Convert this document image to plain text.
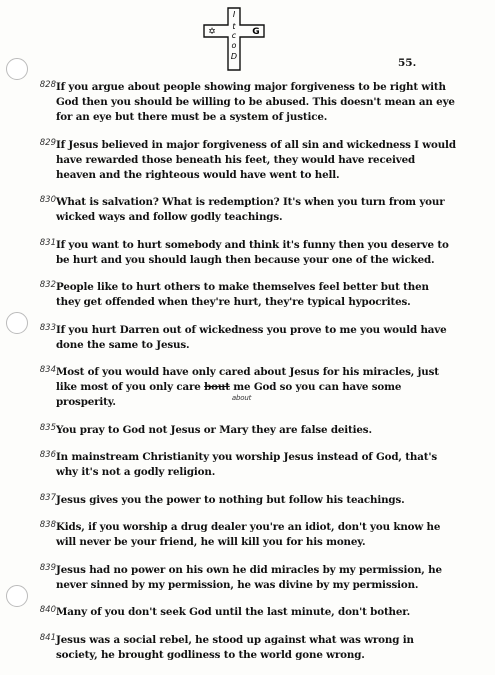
I
t
c
o
D
✡	G
55.
828 If you argue about people showing major forgiveness to be right with God then you should be willing to be abused. This doesn't mean an eye for an eye but there must be a system of justice.
829 If Jesus believed in major forgiveness of all sin and wickedness I would have rewarded those beneath his feet, they would have received heaven and the righteous would have went to hell.
830 What is salvation? What is redemption? It's when you turn from your wicked ways and follow godly teachings.
831 If you want to hurt somebody and think it's funny then you deserve to be hurt and you should laugh then because your one of the wicked.
832 People like to hurt others to make themselves feel better but then they get offended when they're hurt, they're typical hypocrites.
833 If you hurt Darren out of wickedness you prove to me you would have done the same to Jesus.
834 Most of you would have only cared about Jesus for his miracles, just like most of you only care bout
about
me God so you can have some prosperity.
835 You pray to God not Jesus or Mary they are false deities.
836 In mainstream Christianity you worship Jesus instead of God, that's why it's not a godly religion.
837 Jesus gives you the power to nothing but follow his teachings.
838 Kids, if you worship a drug dealer you're an idiot, don't you know he will never be your friend, he will kill you for his money.
839 Jesus had no power on his own he did miracles by my permission, he never sinned by my permission, he was divine by my permission.
840 Many of you don't seek God until the last minute, don't bother.
841 Jesus was a social rebel, he stood up against what was wrong in society, he brought godliness to the world gone wrong.
